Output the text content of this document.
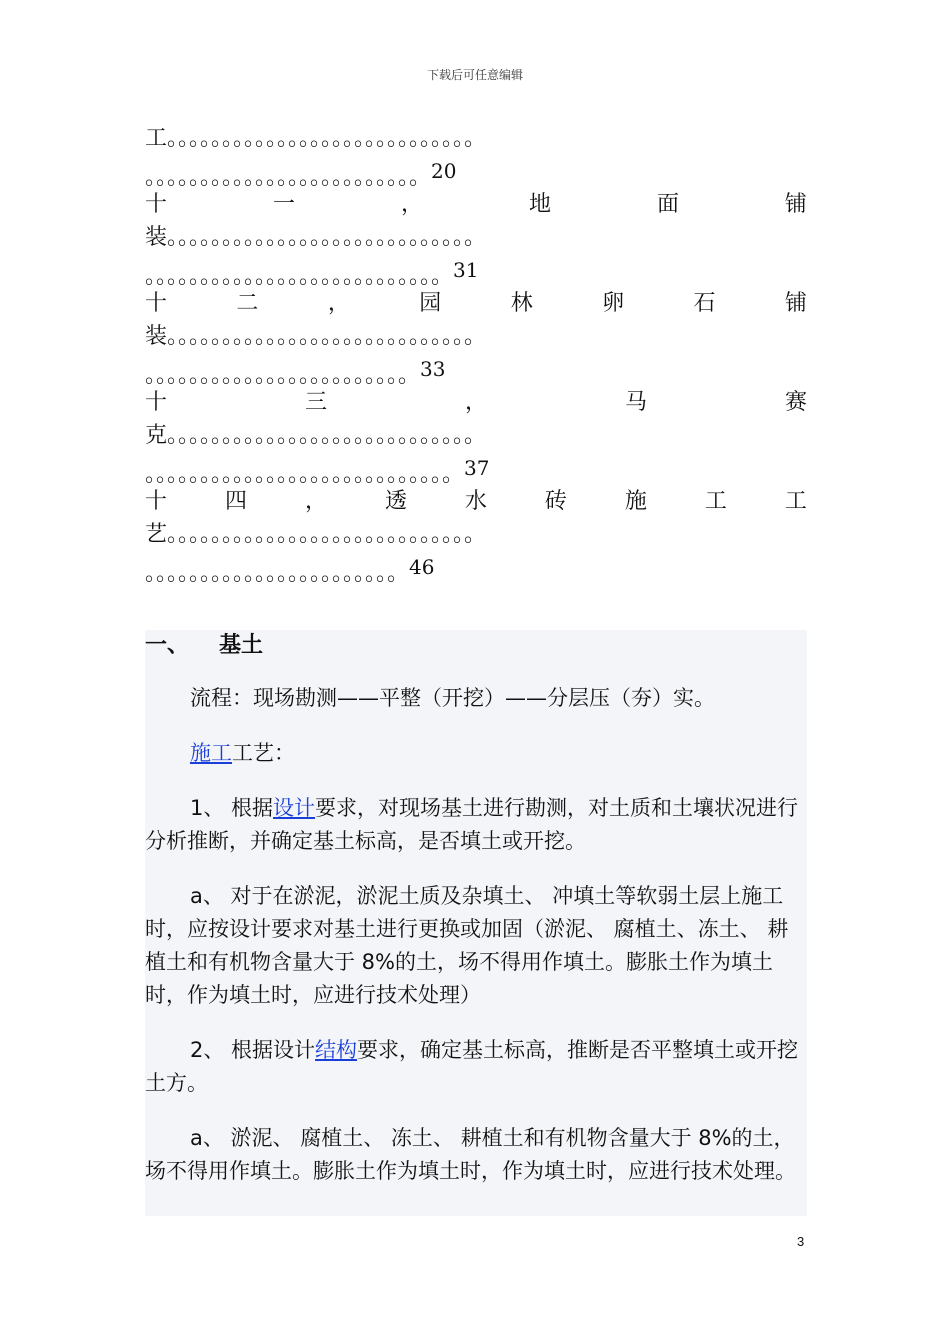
下载后可任意编辑
工。。。。。。。。。。。。。。。。。。。。。。。。。。。。
。。。。。。。。。。。。。。。。。。。。。。。。。20
十	一	，	地	面	铺
装。。。。。。。。。。。。。。。。。。。。。。。。。。。。
。。。。。。。。。。。。。。。。。。。。。。。。。。。31
十	二	，	园	林	卵	石	铺
装。。。。。。。。。。。。。。。。。。。。。。。。。。。。
。。。。。。。。。。。。。。。。。。。。。。。。33
十	三	，	马	赛
克。。。。。。。。。。。。。。。。。。。。。。。。。。。。
。。。。。。。。。。。。。。。。。。。。。。。。。。。。37
十	四	，	透	水	砖	施	工	工
艺。。。。。。。。。。。。。。。。。。。。。。。。。。。。
。。。。。。。。。。。。。。。。。。。。。。。46
一、 基土
流程：现场勘测——平整（开挖）——分层压（夯）实。
施工工艺：
1、 根据设计要求，对现场基土进行勘测，对土质和土壤状况进行分析推断，并确定基土标高，是否填土或开挖。
a、 对于在淤泥，淤泥土质及杂填土、 冲填土等软弱土层上施工时，应按设计要求对基土进行更换或加固（淤泥、 腐植土、冻土、 耕植土和有机物含量大于 8%的土，场不得用作填土。膨胀土作为填土时，作为填土时，应进行技术处理）
2、 根据设计结构要求，确定基土标高，推断是否平整填土或开挖土方。
a、 淤泥、 腐植土、 冻土、 耕植土和有机物含量大于 8%的土，场不得用作填土。膨胀土作为填土时，作为填土时，应进行技术处理。
3
